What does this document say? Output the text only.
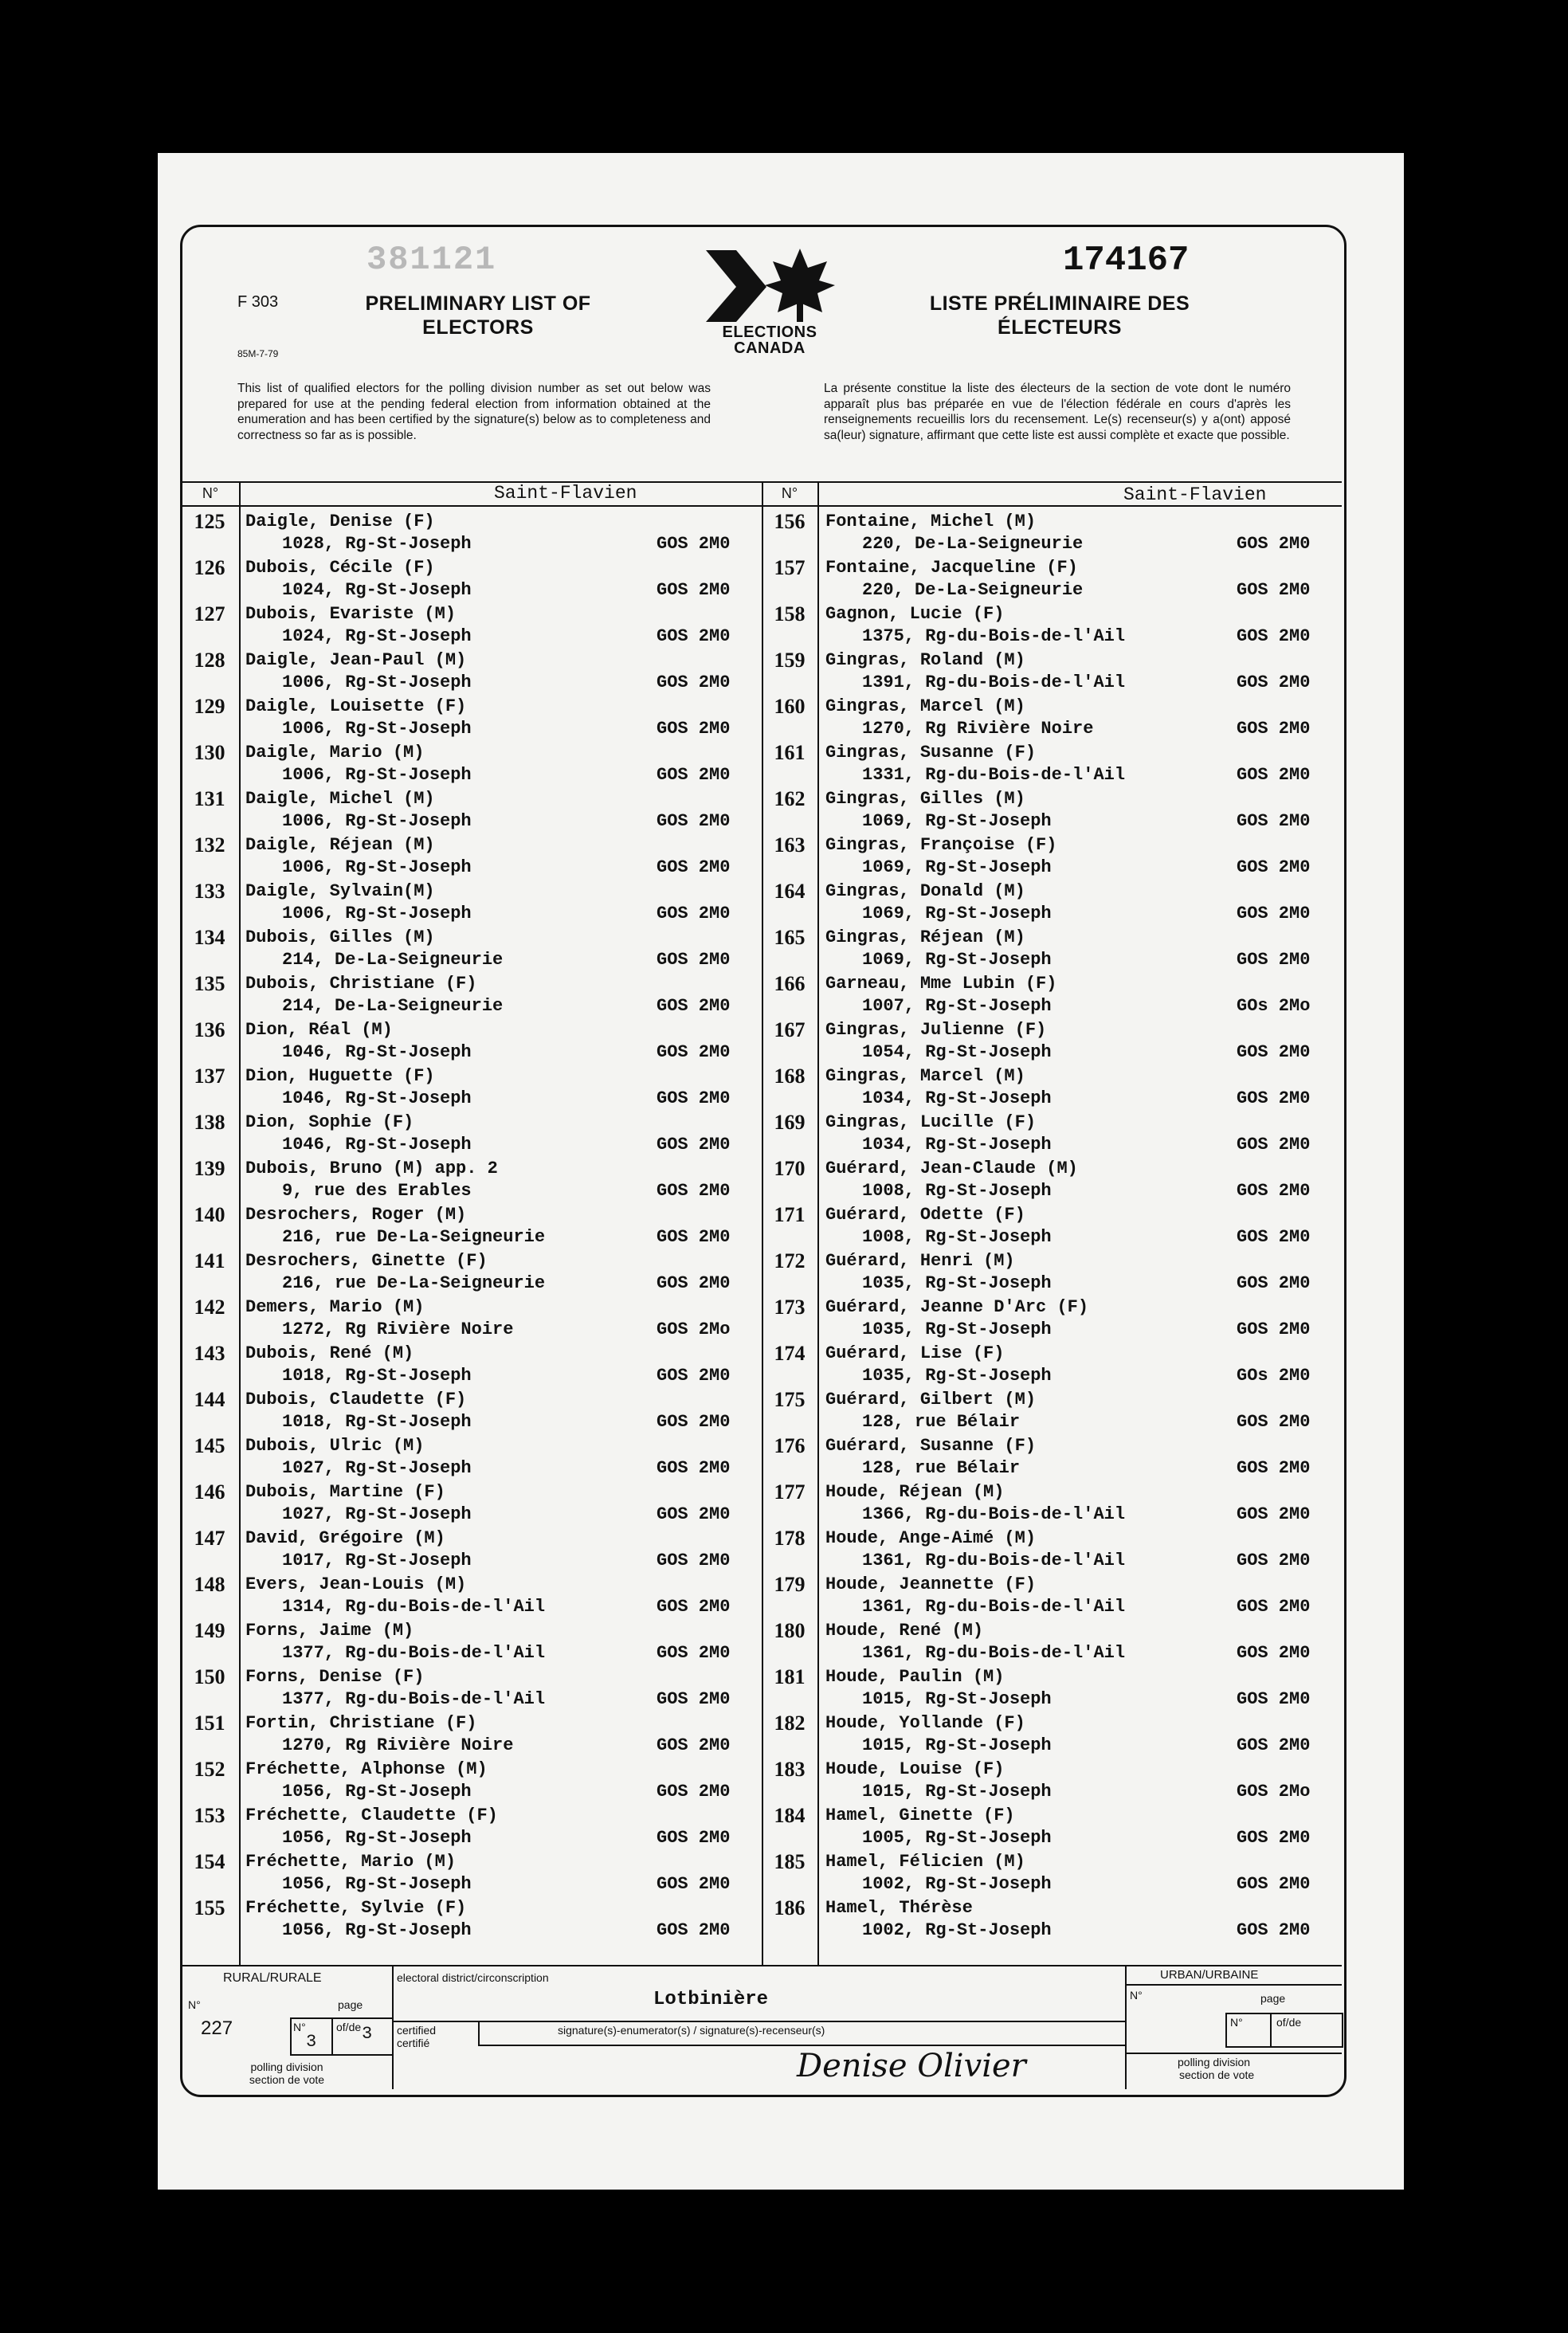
381121
F 303
85M-7-79
PRELIMINARY LIST OF ELECTORS	ELECTIONS
CANADA
174167
LISTE PRÉLIMINAIRE DES ÉLECTEURS
This list of qualified electors for the polling division number as set out below was prepared for use at the pending federal election from information obtained at the enumeration and has been certified by the signature(s) below as to completeness and correctness so far as is possible.
La présente constitue la liste des électeurs de la section de vote dont le numéro apparaît plus bas préparée en vue de l'élection fédérale en cours d'après les renseignements recueillis lors du recensement. Le(s) recenseur(s) y a(ont) apposé sa(leur) signature, affirmant que cette liste est aussi complète et exacte que possible.
N°	Saint-Flavien	N°	Saint-Flavien
125	Daigle, Denise (F)
1028, Rg-St-Joseph	GOS 2M0
126	Dubois, Cécile (F)
1024, Rg-St-Joseph	GOS 2M0
127	Dubois, Evariste (M)
1024, Rg-St-Joseph	GOS 2M0
128	Daigle, Jean-Paul (M)
1006, Rg-St-Joseph	GOS 2M0
129	Daigle, Louisette (F)
1006, Rg-St-Joseph	GOS 2M0
130	Daigle, Mario (M)
1006, Rg-St-Joseph	GOS 2M0
131	Daigle, Michel (M)
1006, Rg-St-Joseph	GOS 2M0
132	Daigle, Réjean (M)
1006, Rg-St-Joseph	GOS 2M0
133	Daigle, Sylvain(M)
1006, Rg-St-Joseph	GOS 2M0
134	Dubois, Gilles (M)
214, De-La-Seigneurie	GOS 2M0
135	Dubois, Christiane (F)
214, De-La-Seigneurie	GOS 2M0
136	Dion, Réal (M)
1046, Rg-St-Joseph	GOS 2M0
137	Dion, Huguette (F)
1046, Rg-St-Joseph	GOS 2M0
138	Dion, Sophie (F)
1046, Rg-St-Joseph	GOS 2M0
139	Dubois, Bruno (M) app. 2
9, rue des Erables	GOS 2M0
140	Desrochers, Roger (M)
216, rue De-La-Seigneurie	GOS 2M0
141	Desrochers, Ginette (F)
216, rue De-La-Seigneurie	GOS 2M0
142	Demers, Mario (M)
1272, Rg Rivière Noire	GOS 2Mo
143	Dubois, René (M)
1018, Rg-St-Joseph	GOS 2M0
144	Dubois, Claudette (F)
1018, Rg-St-Joseph	GOS 2M0
145	Dubois, Ulric (M)
1027, Rg-St-Joseph	GOS 2M0
146	Dubois, Martine (F)
1027, Rg-St-Joseph	GOS 2M0
147	David, Grégoire (M)
1017, Rg-St-Joseph	GOS 2M0
148	Evers, Jean-Louis (M)
1314, Rg-du-Bois-de-l'Ail	GOS 2M0
149	Forns, Jaime (M)
1377, Rg-du-Bois-de-l'Ail	GOS 2M0
150	Forns, Denise (F)
1377, Rg-du-Bois-de-l'Ail	GOS 2M0
151	Fortin, Christiane (F)
1270, Rg Rivière Noire	GOS 2M0
152	Fréchette, Alphonse (M)
1056, Rg-St-Joseph	GOS 2M0
153	Fréchette, Claudette (F)
1056, Rg-St-Joseph	GOS 2M0
154	Fréchette, Mario (M)
1056, Rg-St-Joseph	GOS 2M0
155	Fréchette, Sylvie (F)
1056, Rg-St-Joseph	GOS 2M0
156	Fontaine, Michel (M)
220, De-La-Seigneurie	GOS 2M0
157	Fontaine, Jacqueline (F)
220, De-La-Seigneurie	GOS 2M0
158	Gagnon, Lucie (F)
1375, Rg-du-Bois-de-l'Ail	GOS 2M0
159	Gingras, Roland (M)
1391, Rg-du-Bois-de-l'Ail	GOS 2M0
160	Gingras, Marcel (M)
1270, Rg Rivière Noire	GOS 2M0
161	Gingras, Susanne (F)
1331, Rg-du-Bois-de-l'Ail	GOS 2M0
162	Gingras, Gilles (M)
1069, Rg-St-Joseph	GOS 2M0
163	Gingras, Françoise (F)
1069, Rg-St-Joseph	GOS 2M0
164	Gingras, Donald (M)
1069, Rg-St-Joseph	GOS 2M0
165	Gingras, Réjean (M)
1069, Rg-St-Joseph	GOS 2M0
166	Garneau, Mme Lubin (F)
1007, Rg-St-Joseph	GOs 2Mo
167	Gingras, Julienne (F)
1054, Rg-St-Joseph	GOS 2M0
168	Gingras, Marcel (M)
1034, Rg-St-Joseph	GOS 2M0
169	Gingras, Lucille (F)
1034, Rg-St-Joseph	GOS 2M0
170	Guérard, Jean-Claude (M)
1008, Rg-St-Joseph	GOS 2M0
171	Guérard, Odette (F)
1008, Rg-St-Joseph	GOS 2M0
172	Guérard, Henri (M)
1035, Rg-St-Joseph	GOS 2M0
173	Guérard, Jeanne D'Arc (F)
1035, Rg-St-Joseph	GOS 2M0
174	Guérard, Lise (F)
1035, Rg-St-Joseph	GOs 2M0
175	Guérard, Gilbert (M)
128, rue Bélair	GOS 2M0
176	Guérard, Susanne (F)
128, rue Bélair	GOS 2M0
177	Houde, Réjean (M)
1366, Rg-du-Bois-de-l'Ail	GOS 2M0
178	Houde, Ange-Aimé (M)
1361, Rg-du-Bois-de-l'Ail	GOS 2M0
179	Houde, Jeannette (F)
1361, Rg-du-Bois-de-l'Ail	GOS 2M0
180	Houde, René (M)
1361, Rg-du-Bois-de-l'Ail	GOS 2M0
181	Houde, Paulin (M)
1015, Rg-St-Joseph	GOS 2M0
182	Houde, Yollande (F)
1015, Rg-St-Joseph	GOS 2M0
183	Houde, Louise (F)
1015, Rg-St-Joseph	GOS 2Mo
184	Hamel, Ginette (F)
1005, Rg-St-Joseph	GOS 2M0
185	Hamel, Félicien (M)
1002, Rg-St-Joseph	GOS 2M0
186	Hamel, Thérèse
1002, Rg-St-Joseph	GOS 2M0
RURAL/RURALE
page
N°
227	N°
3
of/de 3
polling division
section de vote
electoral district/circonscription
Lotbinière
certified
certifié
signature(s)-enumerator(s) / signature(s)-recenseur(s)
Denise Olivier
URBAN/URBAINE
N°	page
N°	of/de
polling division
section de vote
